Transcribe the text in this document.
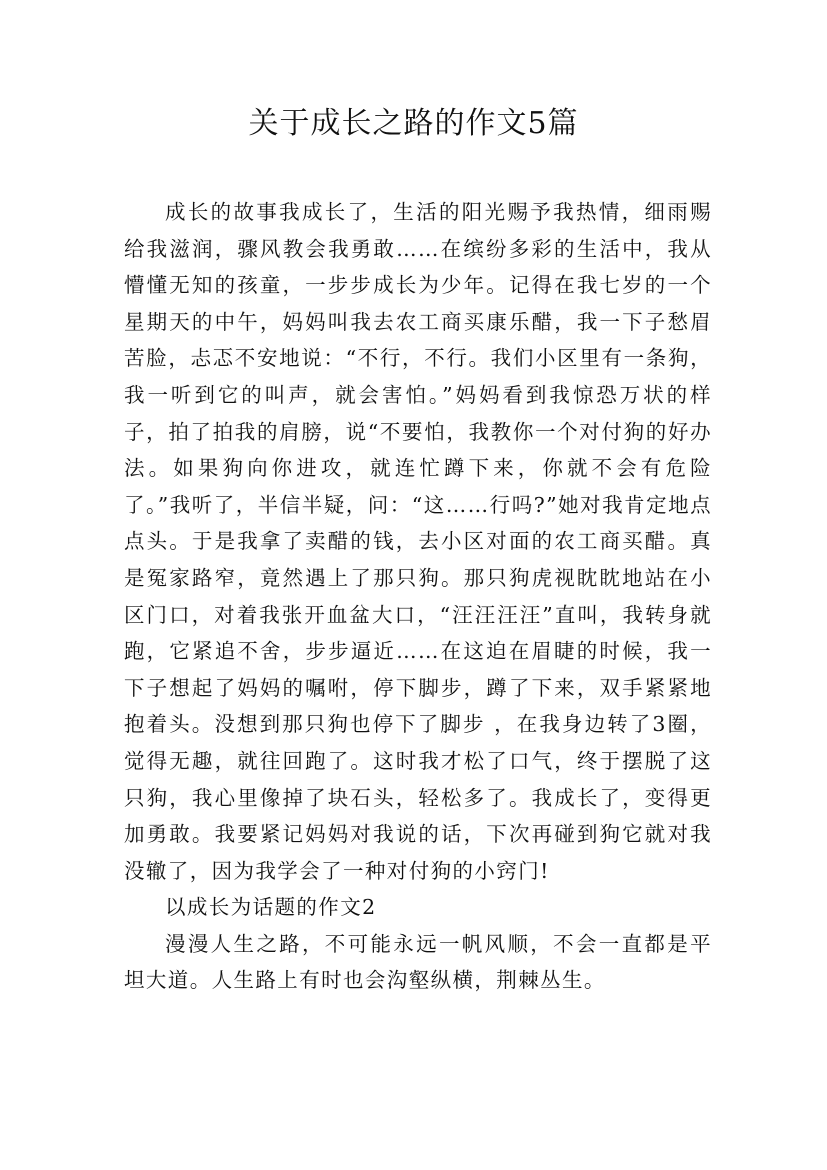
关于成长之路的作文5篇

成长的故事我成长了，生活的阳光赐予我热情，细雨赐给我滋润，骤风教会我勇敢……在缤纷多彩的生活中，我从懵懂无知的孩童，一步步成长为少年。记得在我七岁的一个星期天的中午，妈妈叫我去农工商买康乐醋，我一下子愁眉苦脸，忐忑不安地说：“不行，不行。我们小区里有一条狗，我一听到它的叫声，就会害怕。”妈妈看到我惊恐万状的样子，拍了拍我的肩膀，说“不要怕，我教你一个对付狗的好办法。如果狗向你进攻，就连忙蹲下来，你就不会有危险了。”我听了，半信半疑，问：“这……行吗?”她对我肯定地点点头。于是我拿了卖醋的钱，去小区对面的农工商买醋。真是冤家路窄，竟然遇上了那只狗。那只狗虎视眈眈地站在小区门口，对着我张开血盆大口，“汪汪汪汪”直叫，我转身就跑，它紧追不舍，步步逼近……在这迫在眉睫的时候，我一下子想起了妈妈的嘱咐，停下脚步，蹲了下来，双手紧紧地抱着头。没想到那只狗也停下了脚步 ，在我身边转了3圈，觉得无趣，就往回跑了。这时我才松了口气，终于摆脱了这只狗，我心里像掉了块石头，轻松多了。我成长了，变得更加勇敢。我要紧记妈妈对我说的话，下次再碰到狗它就对我没辙了，因为我学会了一种对付狗的小窍门!

以成长为话题的作文2

漫漫人生之路，不可能永远一帆风顺，不会一直都是平坦大道。人生路上有时也会沟壑纵横，荆棘丛生。
